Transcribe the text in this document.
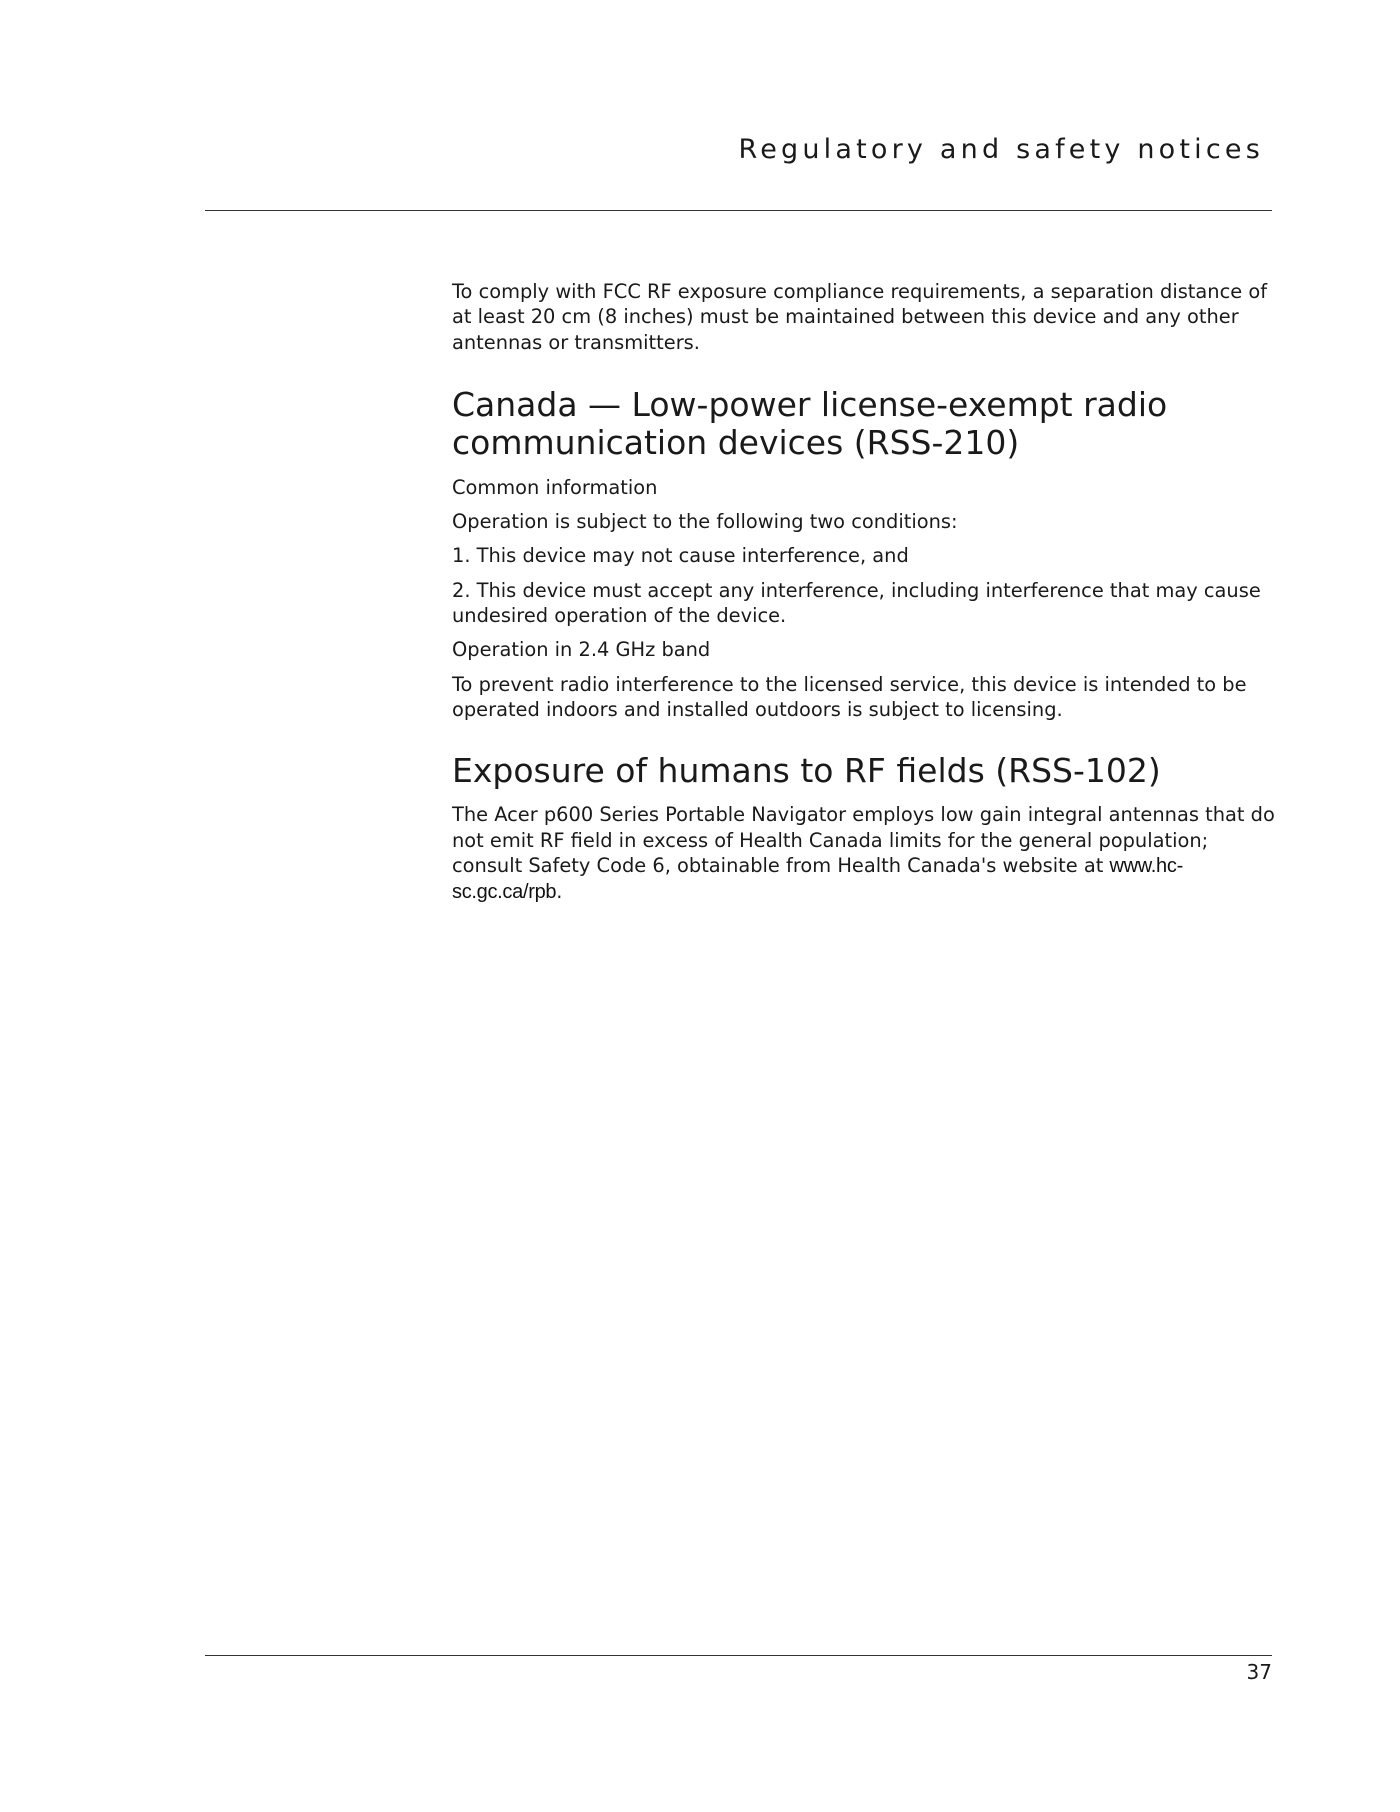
Regulatory and safety notices

To comply with FCC RF exposure compliance requirements, a separation distance of at least 20 cm (8 inches) must be maintained between this device and any other antennas or transmitters.

Canada — Low-power license-exempt radio communication devices (RSS-210)

Common information

Operation is subject to the following two conditions:

1. This device may not cause interference, and

2. This device must accept any interference, including interference that may cause undesired operation of the device.

Operation in 2.4 GHz band

To prevent radio interference to the licensed service, this device is intended to be operated indoors and installed outdoors is subject to licensing.

Exposure of humans to RF fields (RSS-102)

The Acer p600 Series Portable Navigator employs low gain integral antennas that do not emit RF field in excess of Health Canada limits for the general population; consult Safety Code 6, obtainable from Health Canada's website at www.hc-sc.gc.ca/rpb.

37
